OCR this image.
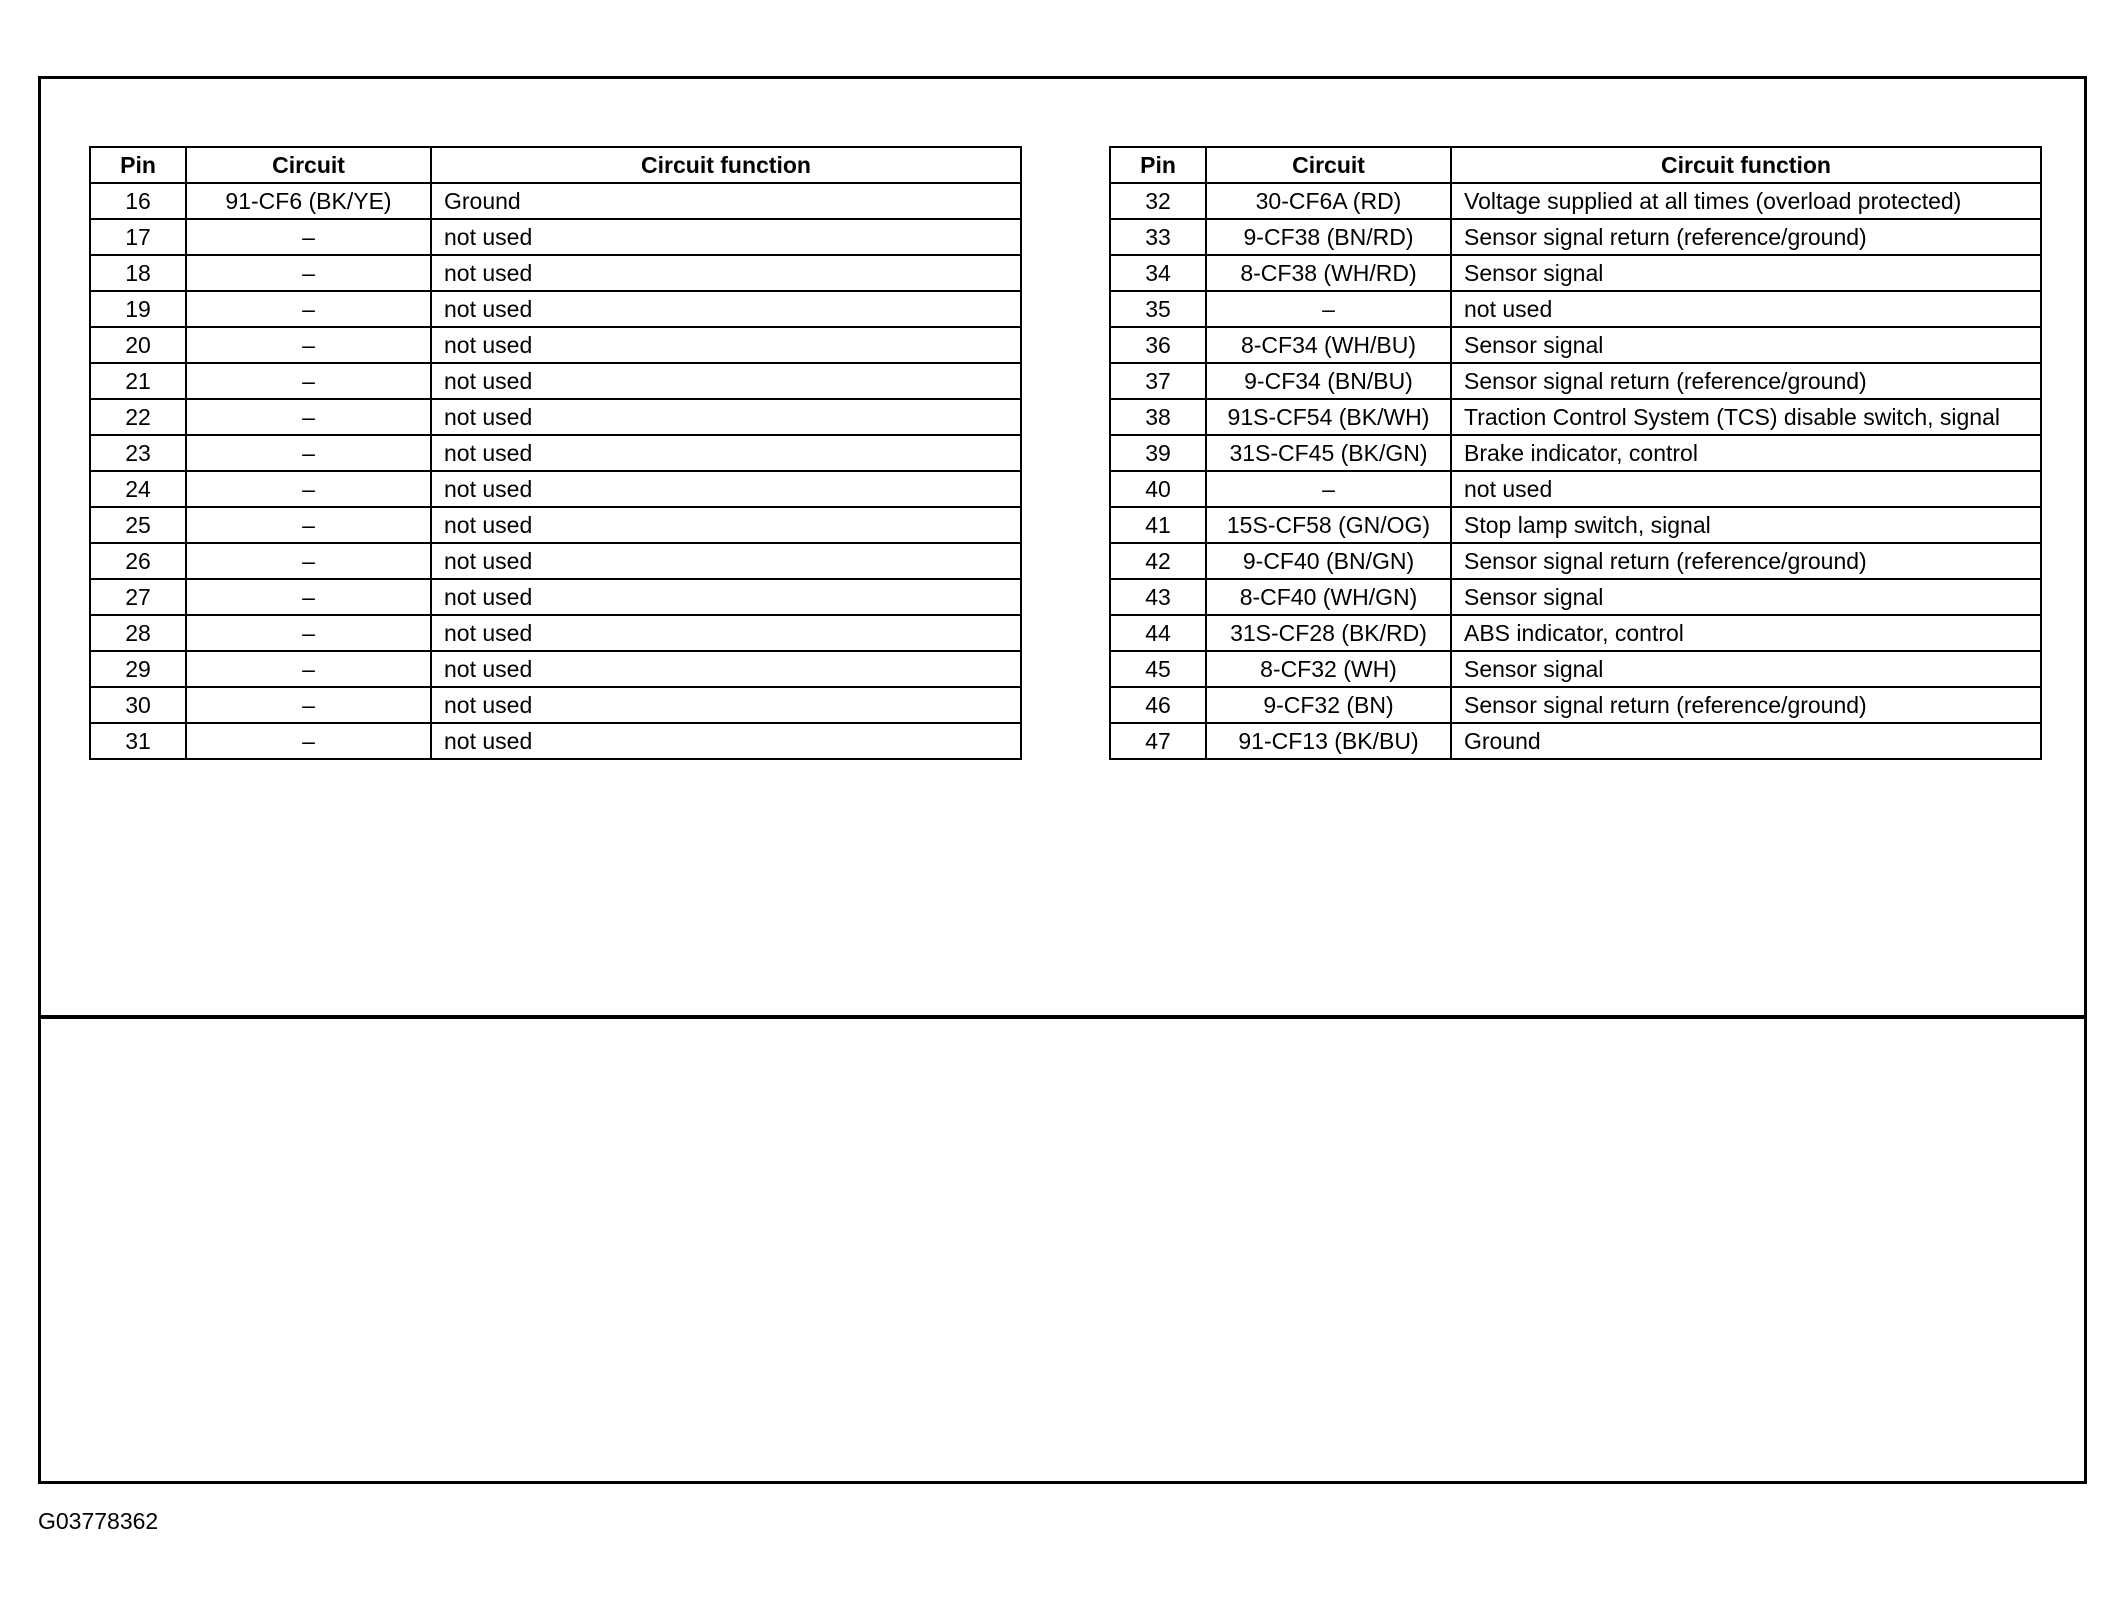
Pin	Circuit	Circuit function
16	91-CF6 (BK/YE)	Ground
17	–	not used
18	–	not used
19	–	not used
20	–	not used
21	–	not used
22	–	not used
23	–	not used
24	–	not used
25	–	not used
26	–	not used
27	–	not used
28	–	not used
29	–	not used
30	–	not used
31	–	not used
Pin	Circuit	Circuit function
32	30-CF6A (RD)	Voltage supplied at all times (overload protected)
33	9-CF38 (BN/RD)	Sensor signal return (reference/ground)
34	8-CF38 (WH/RD)	Sensor signal
35	–	not used
36	8-CF34 (WH/BU)	Sensor signal
37	9-CF34 (BN/BU)	Sensor signal return (reference/ground)
38	91S-CF54 (BK/WH)	Traction Control System (TCS) disable switch, signal
39	31S-CF45 (BK/GN)	Brake indicator, control
40	–	not used
41	15S-CF58 (GN/OG)	Stop lamp switch, signal
42	9-CF40 (BN/GN)	Sensor signal return (reference/ground)
43	8-CF40 (WH/GN)	Sensor signal
44	31S-CF28 (BK/RD)	ABS indicator, control
45	8-CF32 (WH)	Sensor signal
46	9-CF32 (BN)	Sensor signal return (reference/ground)
47	91-CF13 (BK/BU)	Ground
G03778362
